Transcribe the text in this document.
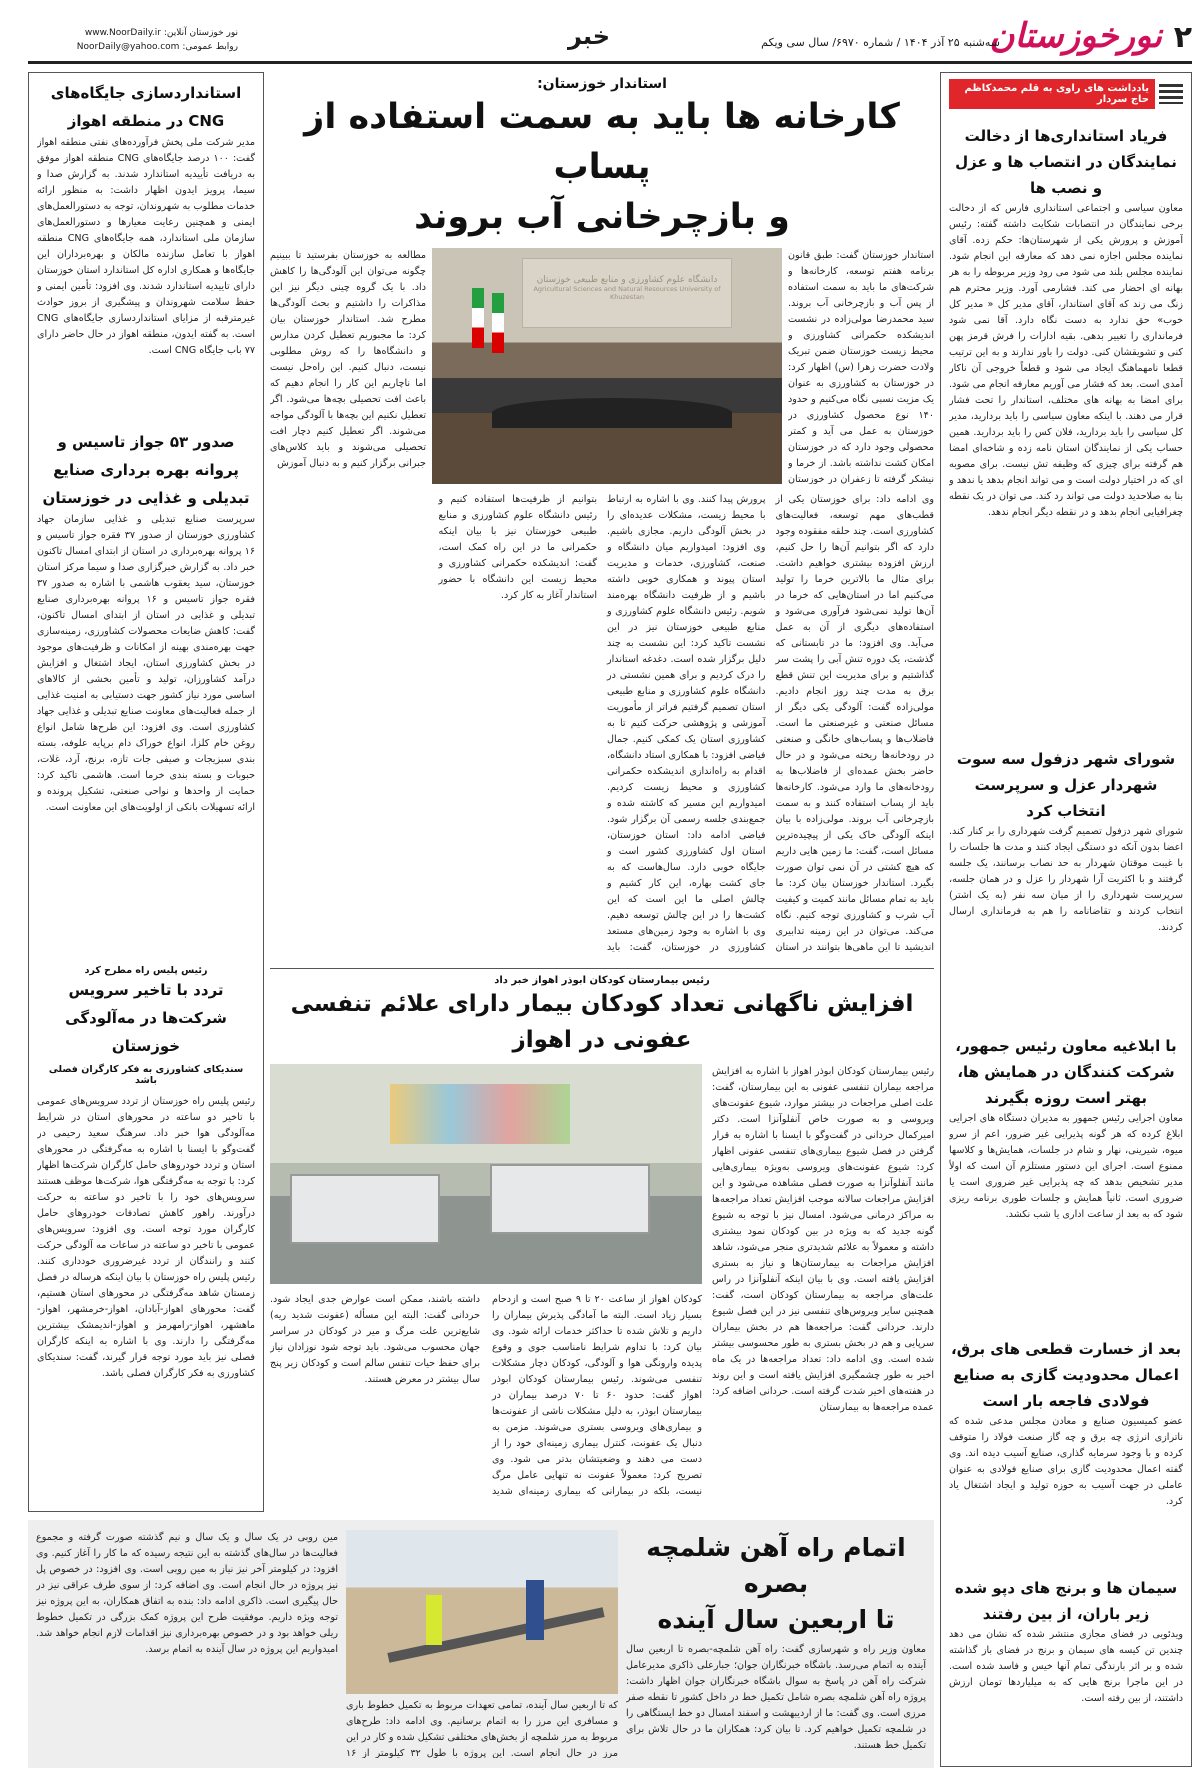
۲
نورخوزستان
سه‌شنبه ۲۵ آذر ۱۴۰۴ / شماره ۶۹۷۰/ سال سی ویکم
خبر
نور خوزستان آنلاین: www.NoorDaily.ir
روابط عمومی: NoorDaily@yahoo.com
یادداشت های راوی به قلم محمدکاظم حاج سردار
فریاد استانداری‌ها از دخالت نمایندگان در انتصاب ها و عزل و نصب ها
معاون سیاسی و اجتماعی استانداری فارس که از دخالت برخی نمایندگان در انتصابات شکایت داشته گفته: رئیس آموزش و پرورش یکی از شهرستان‌ها: حکم زده. آقای نماینده مجلس اجازه نمی دهد که معارفه این انجام شود. نماینده مجلس بلند می شود می رود وزیر مربوطه را به هر بهانه ای احضار می کند. فشارمی آورد. وزیر محترم هم زنگ می زند که آقای استاندار، آقای مدیر کل « مدیر کل خوب» حق ندارد به دست نگاه دارد. آقا نمی شود فرمانداری را تغییر بدهی. بقیه ادارات را فرش قرمز پهن کنی و تشویقشان کنی. دولت را باور ندارند و به این ترتیب قطعا نامهماهنگ ایجاد می شود و قطعاً خروجی آن ناکار آمدی است. بعد که فشار می آوریم معارفه انجام می شود. برای امضا به بهانه های مختلف، استاندار را تحت فشار قرار می دهند. با اینکه معاون سیاسی را باید بردارید، مدیر کل سیاسی را باید بردارید، فلان کس را باید بردارید. همین حساب یکی از نمایندگان استان نامه زده و شاخه‌ای امضا هم گرفته برای چیزی که وظیفه تش نیست. برای مصوبه ای که در اختیار دولت است و می تواند انجام بدهد یا ندهد و بنا به صلاحدید دولت می تواند رد کند. می توان در یک نقطه چغرافیایی انجام بدهد و در نقطه دیگر انجام ندهد.
شورای شهر دزفول سه سوت شهردار عزل و سرپرست انتخاب کرد
شورای شهر دزفول تصمیم گرفت شهرداری را بر کنار کند. اعضا بدون آنکه دو دستگی ایجاد کنند و مدت ها جلسات را با غیبت موقتان شهردار به حد نصاب برسانند، یک جلسه گرفتند و با اکثریت آرا شهردار را عزل و در همان جلسه، سرپرست شهرداری را از میان سه نفر (به یک اشتر) انتخاب کردند و تقاضانامه را هم به فرمانداری ارسال کردند.
با ابلاغیه معاون رئیس جمهور، شرکت کنندگان در همایش ها، بهتر است روزه بگیرند
معاون اجرایی رئیس جمهور به مدیران دستگاه های اجرایی ابلاغ کرده که هر گونه پذیرایی غیر ضرور، اعم از سرو میوه، شیرینی، نهار و شام در جلسات، همایش‌ها و کلاسها ممنوع است. اجرای این دستور مستلزم آن است که اولاً مدیر تشخیص بدهد که چه پذیرایی غیر ضروری است یا ضروری است. ثانیاً همایش و جلسات طوری برنامه ریزی شود که به بعد از ساعت اداری یا شب نکشد.
بعد از خسارت قطعی های برق، اعمال محدودیت گازی به صنایع فولادی فاجعه بار است
عضو کمیسیون صنایع و معادن مجلس مدعی شده که ناترازی انرژی چه برق و چه گاز صنعت فولاد را متوقف کرده و با وجود سرمایه گذاری، صنایع آسیب دیده اند. وی گفته اعمال محدودیت گازی برای صنایع فولادی به عنوان عاملی در جهت آسیب به حوزه تولید و ایجاد اشتغال یاد کرد.
سیمان ها و برنج های دپو شده زیر باران، از بین رفتند
ویدئویی در فضای مجازی منتشر شده که نشان می دهد چندین تن کیسه های سیمان و برنج در فضای باز گذاشته شده و بر اثر بارندگی تمام آنها خیس و فاسد شده است. در این ماجرا برنج هایی که به میلیاردها تومان ارزش داشتند، از بین رفته است.
استانداردسازی جایگاه‌های CNG در منطقه اهواز
مدیر شرکت ملی پخش فرآورده‌های نفتی منطقه اهواز گفت: ۱۰۰ درصد جایگاه‌های CNG منطقه اهواز موفق به دریافت تأییدیه استاندارد شدند. به گزارش صدا و سیما، پرویز ایدون اظهار داشت: به منظور ارائه خدمات مطلوب به شهروندان، توجه به دستورالعمل‌های ایمنی و همچنین رعایت معیارها و دستورالعمل‌های سازمان ملی استاندارد، همه جایگاه‌های CNG منطقه اهواز با تعامل سازنده مالکان و بهره‌برداران این جایگاه‌ها و همکاری اداره کل استاندارد استان خوزستان دارای تاییدیه استاندارد شدند. وی افزود: تأمین ایمنی و حفظ سلامت شهروندان و پیشگیری از بروز حوادث غیرمترقبه از مزایای استانداردسازی جایگاه‌های CNG است. به گفته ایدون، منطقه اهواز در حال حاضر دارای ۷۷ باب جایگاه CNG است.
صدور ۵۳ جواز تاسیس و پروانه بهره برداری صنایع تبدیلی و غذایی در خوزستان
سرپرست صنایع تبدیلی و غذایی سازمان جهاد کشاورزی خوزستان از صدور ۳۷ فقره جواز تاسیس و ۱۶ پروانه بهره‌برداری در استان از ابتدای امسال تاکنون خبر داد. به گزارش خبرگزاری صدا و سیما مرکز استان خوزستان، سید یعقوب هاشمی با اشاره به صدور ۳۷ فقره جواز تاسیس و ۱۶ پروانه بهره‌برداری صنایع تبدیلی و غذایی در استان از ابتدای امسال تاکنون، گفت: کاهش ضایعات محصولات کشاورزی، زمینه‌سازی جهت بهره‌مندی بهینه از امکانات و ظرفیت‌های موجود در بخش کشاورزی استان، ایجاد اشتغال و افزایش درآمد کشاورزان، تولید و تأمین بخشی از کالاهای اساسی مورد نیاز کشور جهت دستیابی به امنیت غذایی از جمله فعالیت‌های معاونت صنایع تبدیلی و غذایی جهاد کشاورزی است. وی افزود: این طرح‌ها شامل انواع روغن خام کلزا، انواع خوراک دام برپایه علوفه، بسته بندی سبزیجات و صیفی جات تازه، برنج، آرد، غلات، حبوبات و بسته بندی خرما است. هاشمی تاکید کرد: حمایت از واحدها و نواحی صنعتی، تشکیل پرونده و ارائه تسهیلات بانکی از اولویت‌های این معاونت است.
رئیس پلیس راه مطرح کرد
تردد با تاخیر سرویس شرکت‌ها در مه‌آلودگی خوزستان
سندیکای کشاورزی به فکر کارگران فصلی باشد
رئیس پلیس راه خوزستان از تردد سرویس‌های عمومی با تاخیر دو ساعته در محورهای استان در شرایط مه‌آلودگی هوا خبر داد. سرهنگ سعید رحیمی در گفت‌وگو با ایسنا با اشاره به مه‌گرفتگی در محورهای استان و تردد خودروهای حامل کارگران شرکت‌ها اظهار کرد: با توجه به مه‌گرفتگی هوا، شرکت‌ها موظف هستند سرویس‌های خود را با تاخیر دو ساعته به حرکت درآورند. راهور کاهش تصادفات خودروهای حامل کارگران مورد توجه است. وی افزود: سرویس‌های عمومی با تاخیر دو ساعته در ساعات مه آلودگی حرکت کنند و رانندگان از تردد غیرضروری خودداری کنند. رئیس پلیس راه خوزستان با بیان اینکه هرساله در فصل زمستان شاهد مه‌گرفتگی در محورهای استان هستیم، گفت: محورهای اهواز-آبادان، اهواز-خرمشهر، اهواز-ماهشهر، اهواز-رامهرمز و اهواز-اندیمشک بیشترین مه‌گرفتگی را دارند. وی با اشاره به اینکه کارگران فصلی نیز باید مورد توجه قرار گیرند، گفت: سندیکای کشاورزی به فکر کارگران فصلی باشد.
استاندار خوزستان:
کارخانه ها باید به سمت استفاده از پساب
و بازچرخانی آب بروند
استاندار خوزستان گفت: طبق قانون برنامه هفتم توسعه، کارخانه‌ها و شرکت‌های ما باید به سمت استفاده از پس آب و بازچرخانی آب بروند. سید محمدرضا مولی‌زاده در نشست اندیشکده حکمرانی کشاورزی و محیط زیست خوزستان ضمن تبریک ولادت حضرت زهرا (س) اظهار کرد: در خوزستان به کشاورزی به عنوان یک مزیت نسبی نگاه می‌کنیم و حدود ۱۴۰ نوع محصول کشاورزی در خوزستان به عمل می آید و کمتر محصولی وجود دارد که در خوزستان امکان کشت نداشته باشد. از خرما و نیشکر گرفته تا زعفران در خوزستان
دانشگاه علوم کشاورزی و منابع طبیعی خوزستان
Agricultural Sciences and Natural Resources University of Khuzestan
مطالعه به خوزستان بفرستید تا ببینیم چگونه می‌توان این آلودگی‌ها را کاهش داد. با یک گروه چینی دیگر نیز این مذاکرات را داشتیم و بحث آلودگی‌ها مطرح شد. استاندار خوزستان بیان کرد: ما مجبوریم تعطیل کردن مدارس و دانشگاه‌ها را که روش مطلوبی نیست، دنبال کنیم. این راه‌حل نیست اما ناچاریم این کار را انجام دهیم که باعث افت تحصیلی بچه‌ها می‌شود. اگر تعطیل نکنیم این بچه‌ها با آلودگی مواجه می‌شوند. اگر تعطیل کنیم دچار افت تحصیلی می‌شوند و باید کلاس‌های جبرانی برگزار کنیم و به دنبال آموزش
وی ادامه داد: برای خوزستان یکی از قطب‌های مهم توسعه، فعالیت‌های کشاورزی است. چند حلقه مفقوده وجود دارد که اگر بتوانیم آن‌ها را حل کنیم، ارزش افزوده بیشتری خواهیم داشت. برای مثال ما بالاترین خرما را تولید می‌کنیم اما در استان‌هایی که خرما در آن‌ها تولید نمی‌شود فرآوری می‌شود و استفاده‌های دیگری از آن به عمل می‌آید. وی افزود: ما در تابستانی که گذشت، یک دوره تنش آبی را پشت سر گذاشتیم و برای مدیریت این تنش قطع برق به مدت چند روز انجام دادیم. مولی‌زاده گفت: آلودگی یکی دیگر از مسائل صنعتی و غیرصنعتی ما است. فاضلاب‌ها و پساب‌های خانگی و صنعتی در رودخانه‌ها ریخته می‌شود و در حال حاضر بخش عمده‌ای از فاضلاب‌ها به رودخانه‌های ما وارد می‌شود. کارخانه‌ها باید از پساب استفاده کنند و به سمت بازچرخانی آب بروند. مولی‌زاده با بیان اینکه آلودگی خاک یکی از پیچیده‌ترین مسائل است، گفت: ما زمین هایی داریم که هیچ کشتی در آن نمی توان صورت بگیرد. استاندار خوزستان بیان کرد: ما باید به تمام مسائل مانند کمیت و کیفیت آب شرب و کشاورزی توجه کنیم. نگاه می‌کند. می‌توان در این زمینه تدابیری اندیشید تا این ماهی‌ها بتوانند در استان پرورش پیدا کنند. وی با اشاره به ارتباط با محیط زیست، مشکلات عدیده‌ای را در بخش آلودگی داریم. مجازی باشیم. وی افزود: امیدواریم میان دانشگاه و صنعت، کشاورزی، خدمات و مدیریت استان پیوند و همکاری خوبی داشته باشیم و از ظرفیت دانشگاه بهره‌مند شویم. رئیس دانشگاه علوم کشاورزی و منابع طبیعی خوزستان نیز در این نشست تاکید کرد: این نشست به چند دلیل برگزار شده است. دغدغه استاندار را درک کردیم و برای همین نشستی در دانشگاه علوم کشاورزی و منابع طبیعی استان تصمیم گرفتیم فراتر از مأموریت آموزشی و پژوهشی حرکت کنیم تا به کشاورزی استان یک کمکی کنیم. جمال فیاضی افزود: با همکاری استاد دانشگاه، اقدام به راه‌اندازی اندیشکده حکمرانی کشاورزی و محیط زیست کردیم. امیدواریم این مسیر که کاشته شده و جمع‌بندی جلسه رسمی آن برگزار شود. فیاضی ادامه داد: استان خوزستان، استان اول کشاورزی کشور است و جایگاه خوبی دارد. سال‌هاست که به جای کشت بهاره، این کار کشیم و چالش اصلی ما این است که این کشت‌ها را در این چالش توسعه دهیم. وی با اشاره به وجود زمین‌های مستعد کشاورزی در خوزستان، گفت: باید بتوانیم از ظرفیت‌ها استفاده کنیم و رئیس دانشگاه علوم کشاورزی و منابع طبیعی خوزستان نیز با بیان اینکه حکمرانی ما در این راه کمک است، گفت: اندیشکده حکمرانی کشاورزی و محیط زیست این دانشگاه با حضور استاندار آغاز به کار کرد.
رئیس بیمارستان کودکان ابوذر اهواز خبر داد
افزایش ناگهانی تعداد کودکان بیمار دارای علائم تنفسی عفونی در اهواز
رئیس بیمارستان کودکان ابوذر اهواز با اشاره به افزایش مراجعه بیماران تنفسی عفونی به این بیمارستان، گفت: علت اصلی مراجعات در بیشتر موارد، شیوع عفونت‌های ویروسی و به صورت خاص آنفلوآنزا است. دکتر امیرکمال حردانی در گفت‌وگو با ایسنا با اشاره به قرار گرفتن در فصل شیوع بیماری‌های تنفسی عفونی اظهار کرد: شیوع عفونت‌های ویروسی به‌ویژه بیماری‌هایی مانند آنفلوآنزا به صورت فصلی مشاهده می‌شود و این افزایش مراجعات سالانه موجب افزایش تعداد مراجعه‌ها به مراکز درمانی می‌شود. امسال نیز با توجه به شیوع گونه جدید که به ویژه در بین کودکان نمود بیشتری داشته و معمولاً به علائم شدیدتری منجر می‌شود، شاهد افزایش مراجعات به بیمارستان‌ها و نیاز به بستری افزایش یافته است. وی با بیان اینکه آنفلوآنزا در راس علت‌های مراجعه به بیمارستان کودکان است، گفت: همچنین سایر ویروس‌های تنفسی نیز در این فصل شیوع دارند. حردانی گفت: مراجعه‌ها هم در بخش بیماران سرپایی و هم در بخش بستری به طور محسوسی بیشتر شده است. وی ادامه داد: تعداد مراجعه‌ها در یک ماه اخیر به طور چشمگیری افزایش یافته است و این روند در هفته‌های اخیر شدت گرفته است. حردانی اضافه کرد: عمده مراجعه‌ها به بیمارستان
کودکان اهواز از ساعت ۲۰ تا ۹ صبح است و ازدحام بسیار زیاد است. البته ما آمادگی پذیرش بیماران را داریم و تلاش شده تا حداکثر خدمات ارائه شود. وی بیان کرد: با تداوم شرایط نامناسب جوی و وقوع پدیده وارونگی هوا و آلودگی، کودکان دچار مشکلات تنفسی می‌شوند. رئیس بیمارستان کودکان ابوذر اهواز گفت: حدود ۶۰ تا ۷۰ درصد بیماران در بیمارستان ابوذر، به دلیل مشکلات ناشی از عفونت‌ها و بیماری‌های ویروسی بستری می‌شوند. مزمن به دنبال یک عفونت، کنترل بیماری زمینه‌ای خود را از دست می دهند و وضعیتشان بدتر می شود. وی تصریح کرد: معمولاً عفونت نه تنهایی عامل مرگ نیست، بلکه در بیمارانی که بیماری زمینه‌ای شدید داشته باشند، ممکن است عوارض جدی ایجاد شود. حردانی گفت: البته این مسأله (عفونت شدید ریه) شایع‌ترین علت مرگ و میر در کودکان در سراسر جهان محسوب می‌شود. باید توجه شود نوزادان نیاز برای حفظ حیات تنفس سالم است و کودکان زیر پنج سال بیشتر در معرض هستند.
اتمام راه آهن شلمچه بصره
تا اربعین سال آینده
معاون وزیر راه و شهرسازی گفت: راه آهن شلمچه-بصره تا اربعین سال آینده به اتمام می‌رسد. باشگاه خبرنگاران جوان؛ جبارعلی ذاکری مدیرعامل شرکت راه آهن در پاسخ به سوال باشگاه خبرنگاران جوان اظهار داشت: پروژه راه آهن شلمچه بصره شامل تکمیل خط در داخل کشور تا نقطه صفر مرزی است. وی گفت: ما از اردیبهشت و اسفند امسال دو خط ایستگاهی را در شلمچه تکمیل خواهیم کرد. تا بیان کرد: همکاران ما در حال تلاش برای تکمیل خط هستند.
که تا اربعین سال آینده، تمامی تعهدات مربوط به تکمیل خطوط باری و مسافری این مرز را به اتمام برسانیم. وی ادامه داد: طرح‌های مربوط به مرز شلمچه از بخش‌های مختلفی تشکیل شده و کار در این مرز در حال انجام است. این پروژه با طول ۳۲ کیلومتر از ۱۶
مین روبی در یک سال و یک سال و نیم گذشته صورت گرفته و مجموع فعالیت‌ها در سال‌های گذشته به این نتیجه رسیده که ما کار را آغاز کنیم. وی افزود: در کیلومتر آخر نیز نیاز به مین روبی است. وی افزود: در خصوص پل نیز پروژه در حال انجام است. وی اضافه کرد: از سوی طرف عراقی نیز در حال پیگیری است. ذاکری ادامه داد: بنده به اتفاق همکاران، به این پروژه نیز توجه ویژه داریم. موفقیت طرح این پروژه کمک بزرگی در تکمیل خطوط ریلی خواهد بود و در خصوص بهره‌برداری نیز اقدامات لازم انجام خواهد شد. امیدواریم این پروژه در سال آینده به اتمام برسد.
